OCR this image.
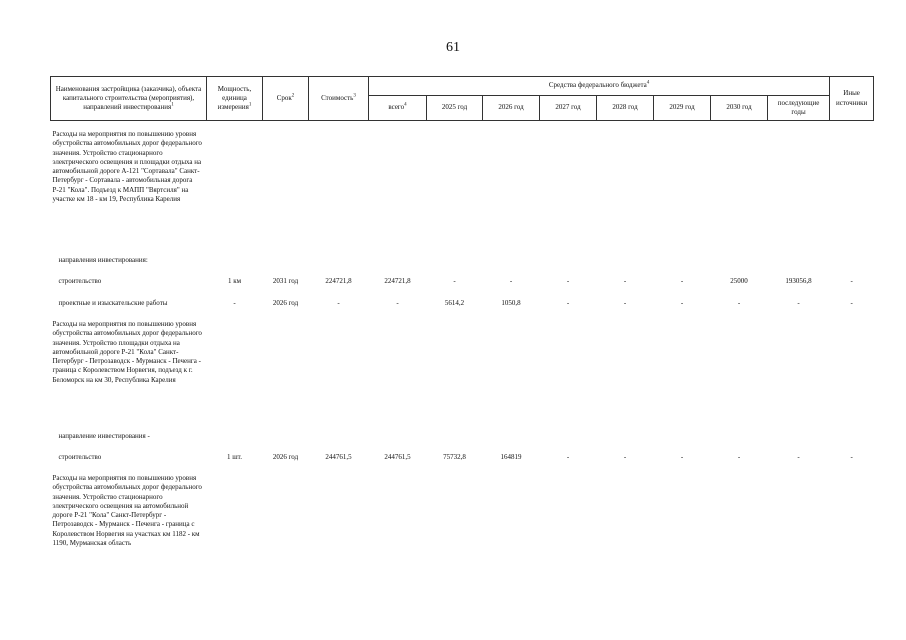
61
Наименования застройщика (заказчика), объекта капитального строительства (мероприятия), направлений инвестирования$^1$	Мощность, единица измерения$^1$	Срок$^2$	Стоимость$^3$	Средства федерального бюджета$^4$								Иные источники
				всего$^4$	2025 год	2026 год	2027 год	2028 год	2029 год	2030 год	последующие годы	
Расходы на мероприятия по повышению уровня обустройства автомобильных дорог федерального значения. Устройство стационарного электрического освещения и площадки отдыха на автомобильной дороге А-121 "Сортавала" Санкт-Петербург - Сортавала - автомобильная дорога Р-21 "Кола". Подъезд к МАПП "Вяртсиля" на участке км 18 - км 19, Республика Карелия												
направления инвестирования:												
строительство	1 км	2031 год	224721,8	224721,8	-	-	-	-	-	25000	193056,8	-
проектные и изыскательские работы	-	2026 год	-	-	5614,2	1050,8	-	-	-	-	-	-
Расходы на мероприятия по повышению уровня обустройства автомобильных дорог федерального значения. Устройство площадки отдыха на автомобильной дороге Р-21 "Кола" Санкт-Петербург - Петрозаводск - Мурманск - Печенга - граница с Королевством Норвегия, подъезд к г. Беломорск на км 30, Республика Карелия												
направление инвестирования -												
строительство	1 шт.	2026 год	244761,5	244761,5	75732,8	164819	-	-	-	-	-	-
Расходы на мероприятия по повышению уровня обустройства автомобильных дорог федерального значения. Устройство стационарного электрического освещения на автомобильной дороге Р-21 "Кола" Санкт-Петербург - Петрозаводск - Мурманск - Печенга - граница с Королевством Норвегия на участках км 1182 - км 1190, Мурманская область												
